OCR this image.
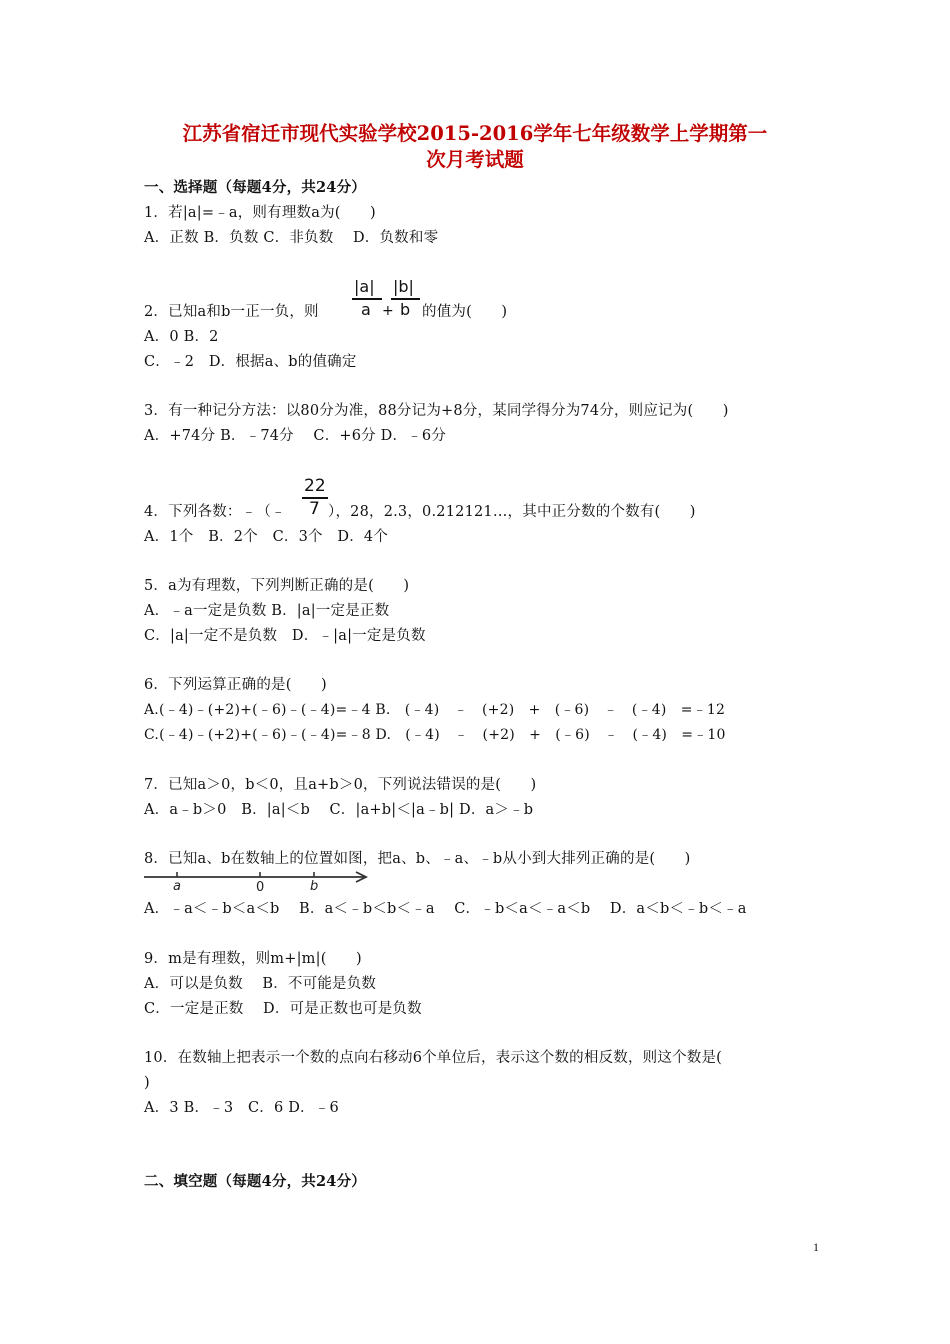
江苏省宿迁市现代实验学校2015-2016学年七年级数学上学期第一
次月考试题
一、选择题（每题4分，共24分）
1．若|a|=﹣a，则有理数a为(　　)
A．正数 B．负数 C．非负数　 D．负数和零
2．已知a和b一正一负，则
|a|
a +
|b|
b 的值为(　　)
A．0 B．2
C．﹣2　D．根据a、b的值确定
3．有一种记分方法：以80分为准，88分记为+8分，某同学得分为74分，则应记为(　　)
A．+74分 B．﹣74分　 C．+6分 D．﹣6分
4．下列各数：﹣（﹣
22
7 ），28，2.3，0.212121…，其中正分数的个数有(　　)
A．1个　B．2个　C．3个　D．4个
5．a为有理数，下列判断正确的是(　　)
A．﹣a一定是负数 B．|a|一定是正数
C．|a|一定不是负数　D．﹣|a|一定是负数
6．下列运算正确的是(　　)
A.(﹣4)﹣(+2)+(﹣6)﹣(﹣4)=﹣4 B.　(﹣4)　﹣　(+2)　+　(﹣6)　﹣　(﹣4)　=﹣12
C.(﹣4)﹣(+2)+(﹣6)﹣(﹣4)=﹣8 D.　(﹣4)　﹣　(+2)　+　(﹣6)　﹣　(﹣4)　=﹣10
7．已知a＞0，b＜0，且a+b＞0，下列说法错误的是(　　)
A．a﹣b＞0　B．|a|＜b　 C．|a+b|＜|a﹣b| D．a＞﹣b
8．已知a、b在数轴上的位置如图，把a、b、﹣a、﹣b从小到大排列正确的是(　　)
a	0	b
A．﹣a＜﹣b＜a＜b　 B．a＜﹣b＜b＜﹣a　 C．﹣b＜a＜﹣a＜b　 D．a＜b＜﹣b＜﹣a
9．m是有理数，则m+|m|(　　)
A．可以是负数　 B．不可能是负数
C．一定是正数　 D．可是正数也可是负数
10．在数轴上把表示一个数的点向右移动6个单位后，表示这个数的相反数，则这个数是(
)
A．3 B．﹣3　C．6 D．﹣6
二、填空题（每题4分，共24分）
1
